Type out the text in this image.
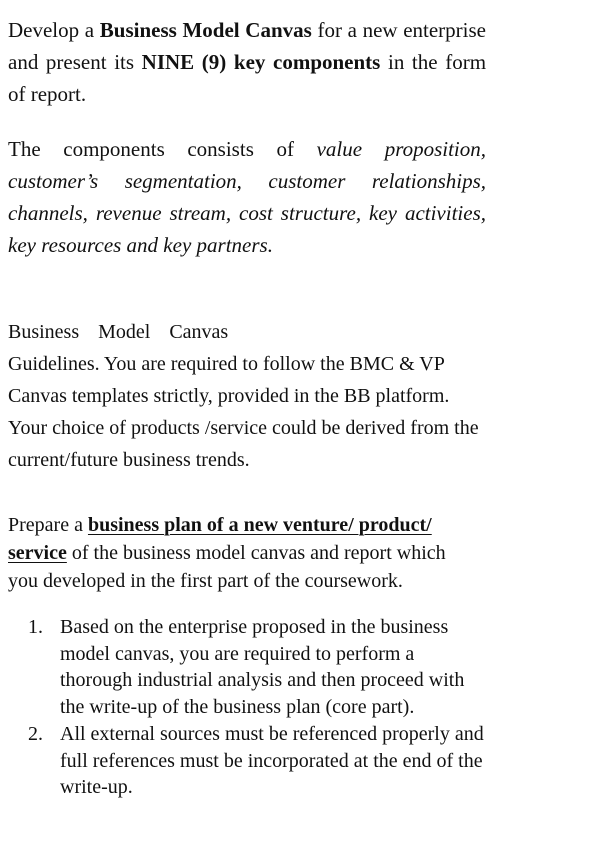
Develop a Business Model Canvas for a new enterprise and present its NINE (9) key components in the form of report.

The components consists of value proposition, customer’s segmentation, customer relationships, channels, revenue stream, cost structure, key activities, key resources and key partners.

Business Model Canvas
Guidelines. You are required to follow the BMC & VP Canvas templates strictly, provided in the BB platform. Your choice of products /service could be derived from the current/future business trends.

Prepare a business plan of a new venture/ product/ service of the business model canvas and report which you developed in the first part of the coursework.

1. Based on the enterprise proposed in the business model canvas, you are required to perform a thorough industrial analysis and then proceed with the write-up of the business plan (core part).
2. All external sources must be referenced properly and full references must be incorporated at the end of the write-up.
